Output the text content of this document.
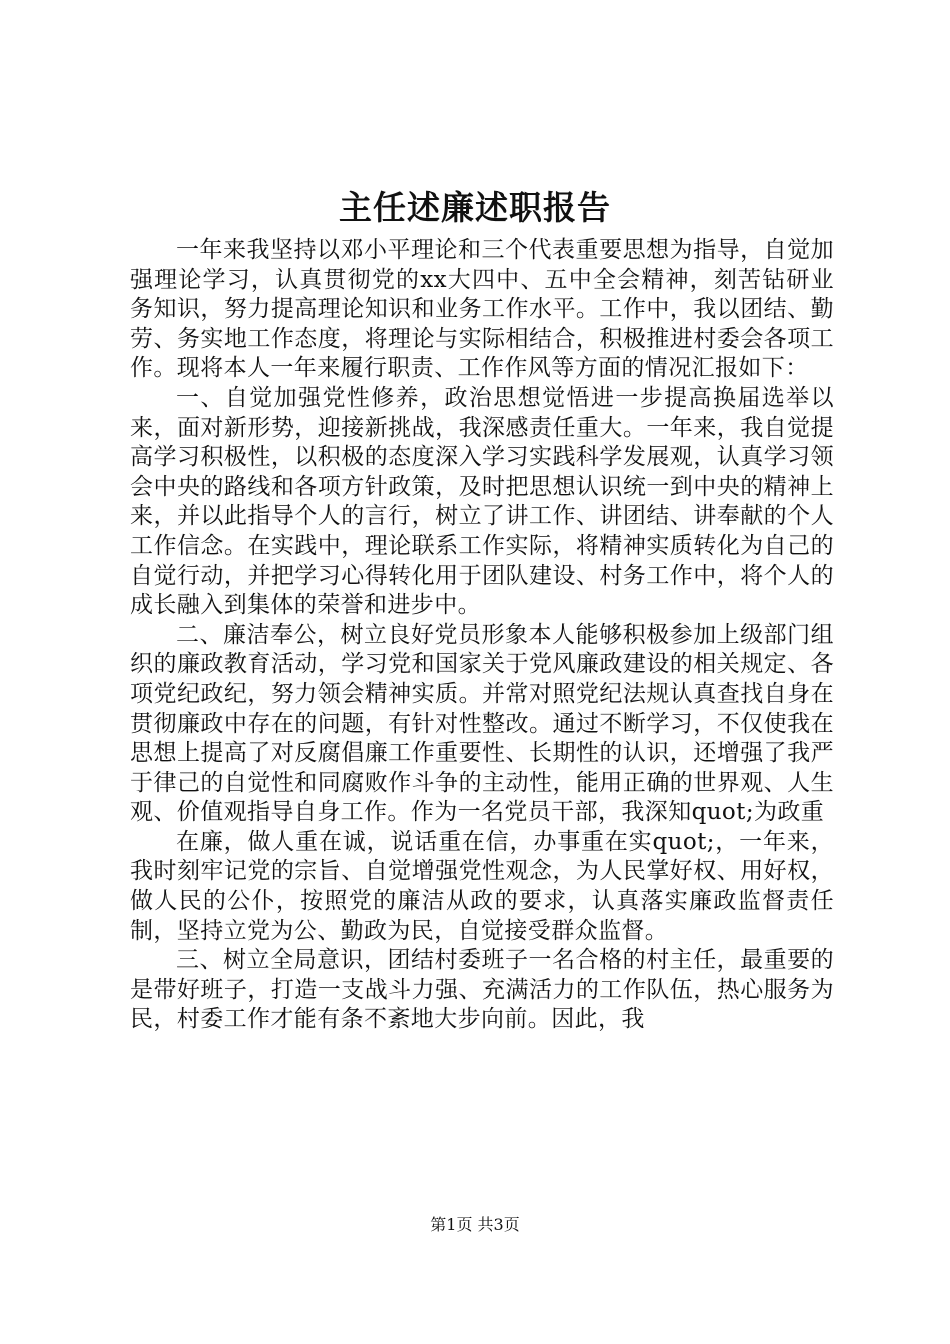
主任述廉述职报告

一年来我坚持以邓小平理论和三个代表重要思想为指导，自觉加强理论学习，认真贯彻党的xx大四中、五中全会精神，刻苦钻研业务知识，努力提高理论知识和业务工作水平。工作中，我以团结、勤劳、务实地工作态度，将理论与实际相结合，积极推进村委会各项工作。现将本人一年来履行职责、工作作风等方面的情况汇报如下：

一、自觉加强党性修养，政治思想觉悟进一步提高换届选举以来，面对新形势，迎接新挑战，我深感责任重大。一年来，我自觉提高学习积极性，以积极的态度深入学习实践科学发展观，认真学习领会中央的路线和各项方针政策，及时把思想认识统一到中央的精神上来，并以此指导个人的言行，树立了讲工作、讲团结、讲奉献的个人工作信念。在实践中，理论联系工作实际，将精神实质转化为自己的自觉行动，并把学习心得转化用于团队建设、村务工作中，将个人的成长融入到集体的荣誉和进步中。

二、廉洁奉公，树立良好党员形象本人能够积极参加上级部门组织的廉政教育活动，学习党和国家关于党风廉政建设的相关规定、各项党纪政纪，努力领会精神实质。并常对照党纪法规认真查找自身在贯彻廉政中存在的问题，有针对性整改。通过不断学习，不仅使我在思想上提高了对反腐倡廉工作重要性、长期性的认识，还增强了我严于律己的自觉性和同腐败作斗争的主动性，能用正确的世界观、人生观、价值观指导自身工作。作为一名党员干部，我深知quot;为政重

在廉，做人重在诚，说话重在信，办事重在实quot;，一年来，我时刻牢记党的宗旨、自觉增强党性观念，为人民掌好权、用好权，做人民的公仆，按照党的廉洁从政的要求，认真落实廉政监督责任制，坚持立党为公、勤政为民，自觉接受群众监督。

三、树立全局意识，团结村委班子一名合格的村主任，最重要的是带好班子，打造一支战斗力强、充满活力的工作队伍，热心服务为民，村委工作才能有条不紊地大步向前。因此，我

第1页 共3页
